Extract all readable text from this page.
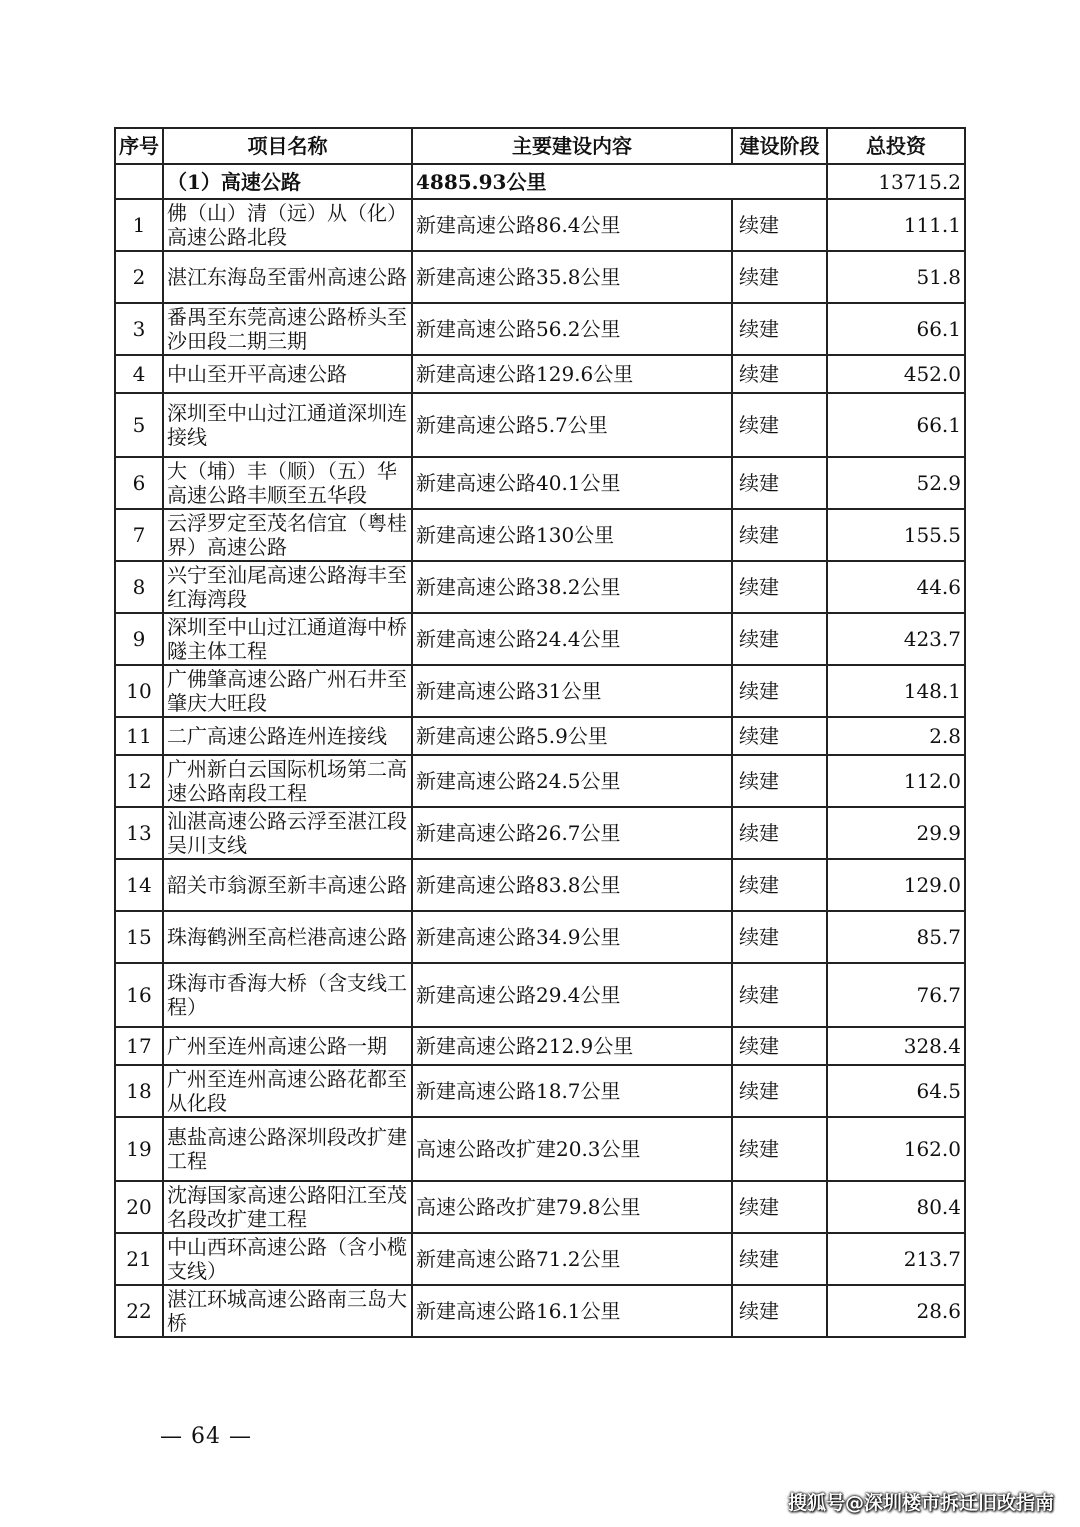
序号	项目名称	主要建设内容	建设阶段	总投资
	（1）高速公路	4885.93公里		13715.2
1	佛（山）清（远）从（化）高速公路北段	新建高速公路86.4公里	续建	111.1
2	湛江东海岛至雷州高速公路	新建高速公路35.8公里	续建	51.8
3	番禺至东莞高速公路桥头至沙田段二期三期	新建高速公路56.2公里	续建	66.1
4	中山至开平高速公路	新建高速公路129.6公里	续建	452.0
5	深圳至中山过江通道深圳连接线	新建高速公路5.7公里	续建	66.1
6	大（埔）丰（顺）（五）华高速公路丰顺至五华段	新建高速公路40.1公里	续建	52.9
7	云浮罗定至茂名信宜（粤桂界）高速公路	新建高速公路130公里	续建	155.5
8	兴宁至汕尾高速公路海丰至红海湾段	新建高速公路38.2公里	续建	44.6
9	深圳至中山过江通道海中桥隧主体工程	新建高速公路24.4公里	续建	423.7
10	广佛肇高速公路广州石井至肇庆大旺段	新建高速公路31公里	续建	148.1
11	二广高速公路连州连接线	新建高速公路5.9公里	续建	2.8
12	广州新白云国际机场第二高速公路南段工程	新建高速公路24.5公里	续建	112.0
13	汕湛高速公路云浮至湛江段吴川支线	新建高速公路26.7公里	续建	29.9
14	韶关市翁源至新丰高速公路	新建高速公路83.8公里	续建	129.0
15	珠海鹤洲至高栏港高速公路	新建高速公路34.9公里	续建	85.7
16	珠海市香海大桥（含支线工程）	新建高速公路29.4公里	续建	76.7
17	广州至连州高速公路一期	新建高速公路212.9公里	续建	328.4
18	广州至连州高速公路花都至从化段	新建高速公路18.7公里	续建	64.5
19	惠盐高速公路深圳段改扩建工程	高速公路改扩建20.3公里	续建	162.0
20	沈海国家高速公路阳江至茂名段改扩建工程	高速公路改扩建79.8公里	续建	80.4
21	中山西环高速公路（含小榄支线）	新建高速公路71.2公里	续建	213.7
22	湛江环城高速公路南三岛大桥	新建高速公路16.1公里	续建	28.6
— 64 —
搜狐号@深圳楼市拆迁旧改指南
